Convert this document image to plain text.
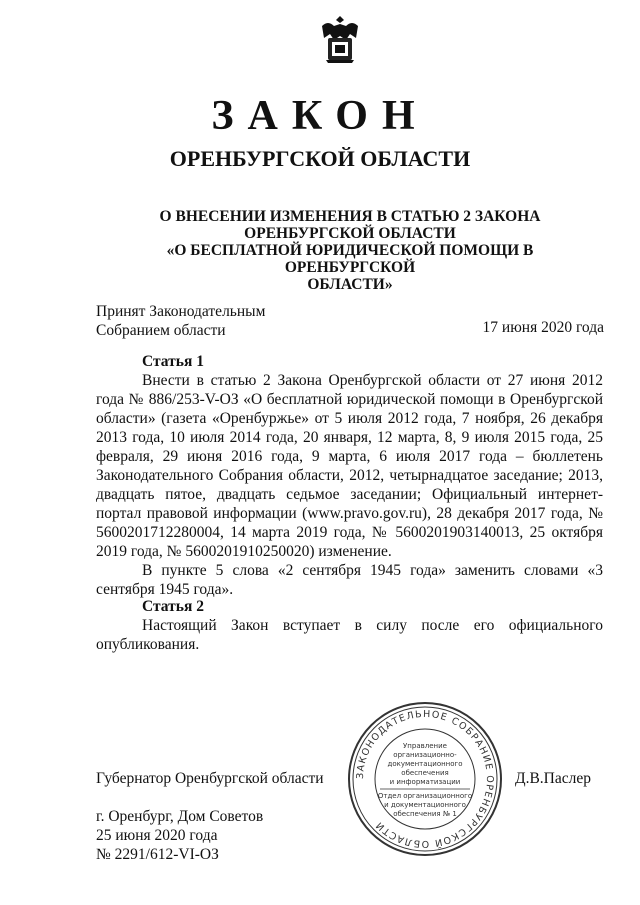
ЗАКОН
ОРЕНБУРГСКОЙ ОБЛАСТИ
О ВНЕСЕНИИ ИЗМЕНЕНИЯ В СТАТЬЮ 2 ЗАКОНА
ОРЕНБУРГСКОЙ ОБЛАСТИ
«О БЕСПЛАТНОЙ ЮРИДИЧЕСКОЙ ПОМОЩИ В ОРЕНБУРГСКОЙ
ОБЛАСТИ»
Принят Законодательным
Собранием области	17 июня 2020 года
Статья 1
Внести в статью 2 Закона Оренбургской области от 27 июня 2012 года № 886/253-V-ОЗ «О бесплатной юридической помощи в Оренбургской области» (газета «Оренбуржье» от 5 июля 2012 года, 7 ноября, 26 декабря 2013 года, 10 июля 2014 года, 20 января, 12 марта, 8, 9 июля 2015 года, 25 февраля, 29 июня 2016 года, 9 марта, 6 июля 2017 года – бюллетень Законодательного Собрания области, 2012, четырнадцатое заседание; 2013, двадцать пятое, двадцать седьмое заседании; Официальный интернет-портал правовой информации (www.pravo.gov.ru), 28 декабря 2017 года, № 5600201712280004, 14 марта 2019 года, № 5600201903140013, 25 октября 2019 года, № 5600201910250020) изменение.
В пункте 5 слова «2 сентября 1945 года» заменить словами «3 сентября 1945 года».
Статья 2
Настоящий Закон вступает в силу после его официального опубликования.
ЗАКОНОДАТЕЛЬНОЕ СОБРАНИЕ ОРЕНБУРГСКОЙ ОБЛАСТИ
Управление
организационно-
документационного
обеспечения
и информатизации
Отдел организационного
и документационного
обеспечения № 1
Губернатор Оренбургской области	Д.В.Паслер
г. Оренбург, Дом Советов
25 июня 2020 года
№ 2291/612-VI-ОЗ
